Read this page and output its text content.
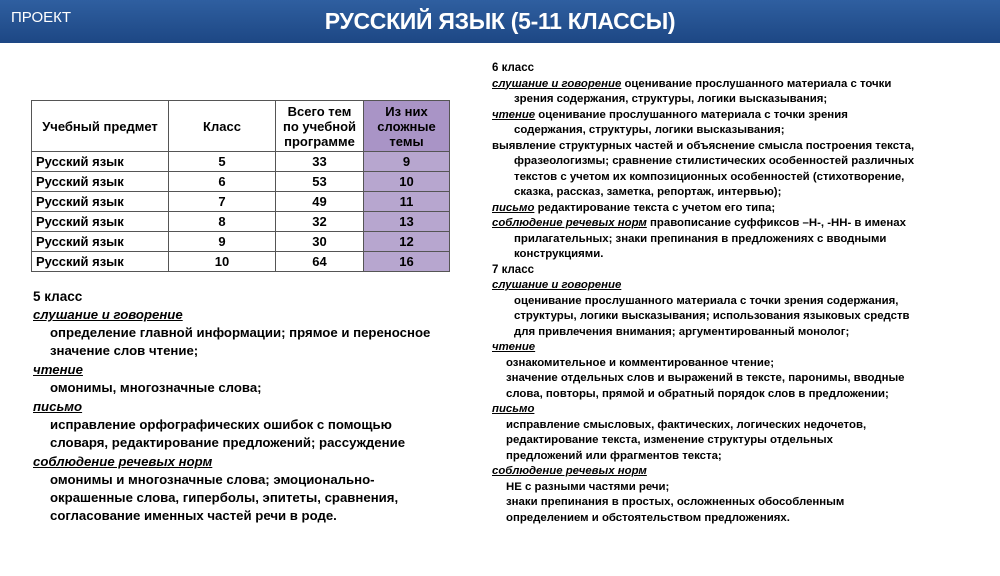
ПРОЕКТ	РУССКИЙ ЯЗЫК (5-11 КЛАССЫ)
Учебный предмет	Класс	Всего тем по учебной программе	Из них сложные темы
Русский язык	5	33	9
Русский язык	6	53	10
Русский язык	7	49	11
Русский язык	8	32	13
Русский язык	9	30	12
Русский язык	10	64	16
5 класс
слушание и говорение
определение главной информации; прямое и переносное значение слов чтение;
чтение
омонимы, многозначные слова;
письмо
исправление орфографических ошибок с помощью словаря, редактирование предложений; рассуждение
соблюдение речевых норм
омонимы и многозначные слова; эмоционально-окрашенные слова, гиперболы, эпитеты, сравнения, согласование именных частей речи в роде.
6 класс
слушание и говорение оценивание прослушанного материала с точки
зрения содержания, структуры, логики высказывания;
чтение оценивание прослушанного материала с точки зрения
содержания, структуры, логики высказывания;
выявление структурных частей и объяснение смысла построения текста,
фразеологизмы; сравнение стилистических особенностей различных
текстов с учетом их композиционных особенностей (стихотворение,
сказка, рассказ, заметка, репортаж, интервью);
письмо редактирование текста с учетом его типа;
соблюдение речевых норм правописание суффиксов –Н-, -НН- в именах
прилагательных; знаки препинания в предложениях с вводными
конструкциями.
7 класс
слушание и говорение
оценивание прослушанного материала с точки зрения содержания,
структуры, логики высказывания; использования языковых средств
для привлечения внимания; аргументированный монолог;
чтение
ознакомительное и комментированное чтение;
значение отдельных слов и выражений в тексте, паронимы, вводные
слова, повторы, прямой и обратный порядок слов в предложении;
письмо
исправление смысловых, фактических, логических недочетов,
редактирование текста, изменение структуры отдельных
предложений или фрагментов текста;
соблюдение речевых норм
НЕ с разными частями речи;
знаки препинания в простых, осложненных обособленным
определением и обстоятельством предложениях.
